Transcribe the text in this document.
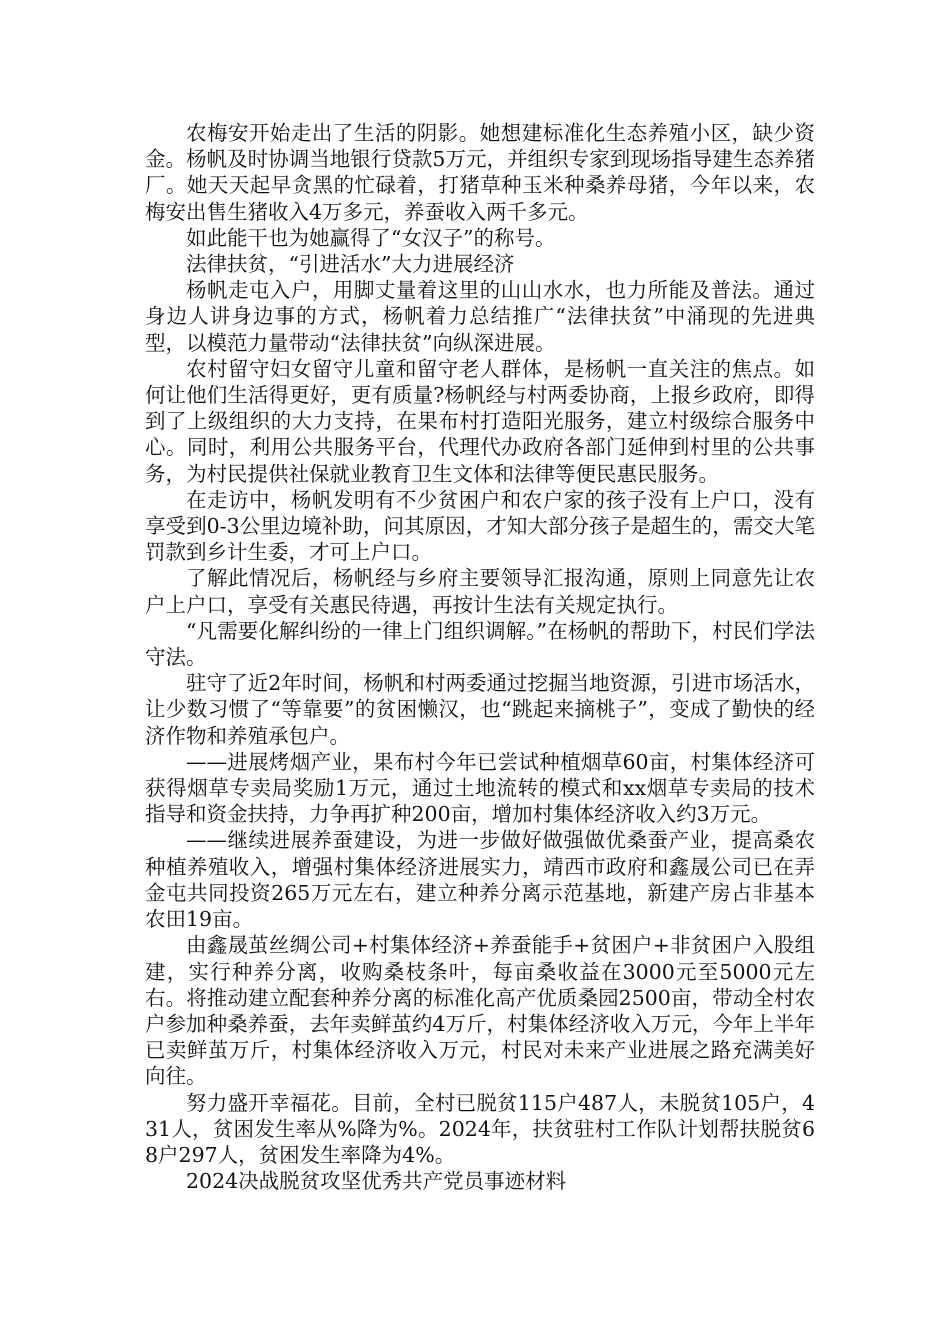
农梅安开始走出了生活的阴影。她想建标准化生态养殖小区，缺少资金。杨帆及时协调当地银行贷款5万元，并组织专家到现场指导建生态养猪厂。她天天起早贪黑的忙碌着，打猪草种玉米种桑养母猪，今年以来，农梅安出售生猪收入4万多元，养蚕收入两千多元。

如此能干也为她赢得了“女汉子”的称号。

法律扶贫，“引进活水”大力进展经济

杨帆走屯入户，用脚丈量着这里的山山水水，也力所能及普法。通过身边人讲身边事的方式，杨帆着力总结推广“法律扶贫”中涌现的先进典型，以模范力量带动“法律扶贫”向纵深进展。

农村留守妇女留守儿童和留守老人群体，是杨帆一直关注的焦点。如何让他们生活得更好，更有质量?杨帆经与村两委协商，上报乡政府，即得到了上级组织的大力支持，在果布村打造阳光服务，建立村级综合服务中心。同时，利用公共服务平台，代理代办政府各部门延伸到村里的公共事务，为村民提供社保就业教育卫生文体和法律等便民惠民服务。

在走访中，杨帆发明有不少贫困户和农户家的孩子没有上户口，没有享受到0-3公里边境补助，问其原因，才知大部分孩子是超生的，需交大笔罚款到乡计生委，才可上户口。

了解此情况后，杨帆经与乡府主要领导汇报沟通，原则上同意先让农户上户口，享受有关惠民待遇，再按计生法有关规定执行。

“凡需要化解纠纷的一律上门组织调解。”在杨帆的帮助下，村民们学法守法。

驻守了近2年时间，杨帆和村两委通过挖掘当地资源，引进市场活水，让少数习惯了“等靠要”的贫困懒汉，也“跳起来摘桃子”，变成了勤快的经济作物和养殖承包户。

——进展烤烟产业，果布村今年已尝试种植烟草60亩，村集体经济可获得烟草专卖局奖励1万元，通过土地流转的模式和xx烟草专卖局的技术指导和资金扶持，力争再扩种200亩，增加村集体经济收入约3万元。

——继续进展养蚕建设，为进一步做好做强做优桑蚕产业，提高桑农种植养殖收入，增强村集体经济进展实力，靖西市政府和鑫晟公司已在弄金屯共同投资265万元左右，建立种养分离示范基地，新建产房占非基本农田19亩。

由鑫晟茧丝绸公司+村集体经济+养蚕能手+贫困户+非贫困户入股组建，实行种养分离，收购桑枝条叶，每亩桑收益在3000元至5000元左右。将推动建立配套种养分离的标准化高产优质桑园2500亩，带动全村农户参加种桑养蚕，去年卖鲜茧约4万斤，村集体经济收入万元，今年上半年已卖鲜茧万斤，村集体经济收入万元，村民对未来产业进展之路充满美好向往。

努力盛开幸福花。目前，全村已脱贫115户487人，未脱贫105户，431人，贫困发生率从%降为%。2024年，扶贫驻村工作队计划帮扶脱贫68户297人，贫困发生率降为4%。

2024决战脱贫攻坚优秀共产党员事迹材料
